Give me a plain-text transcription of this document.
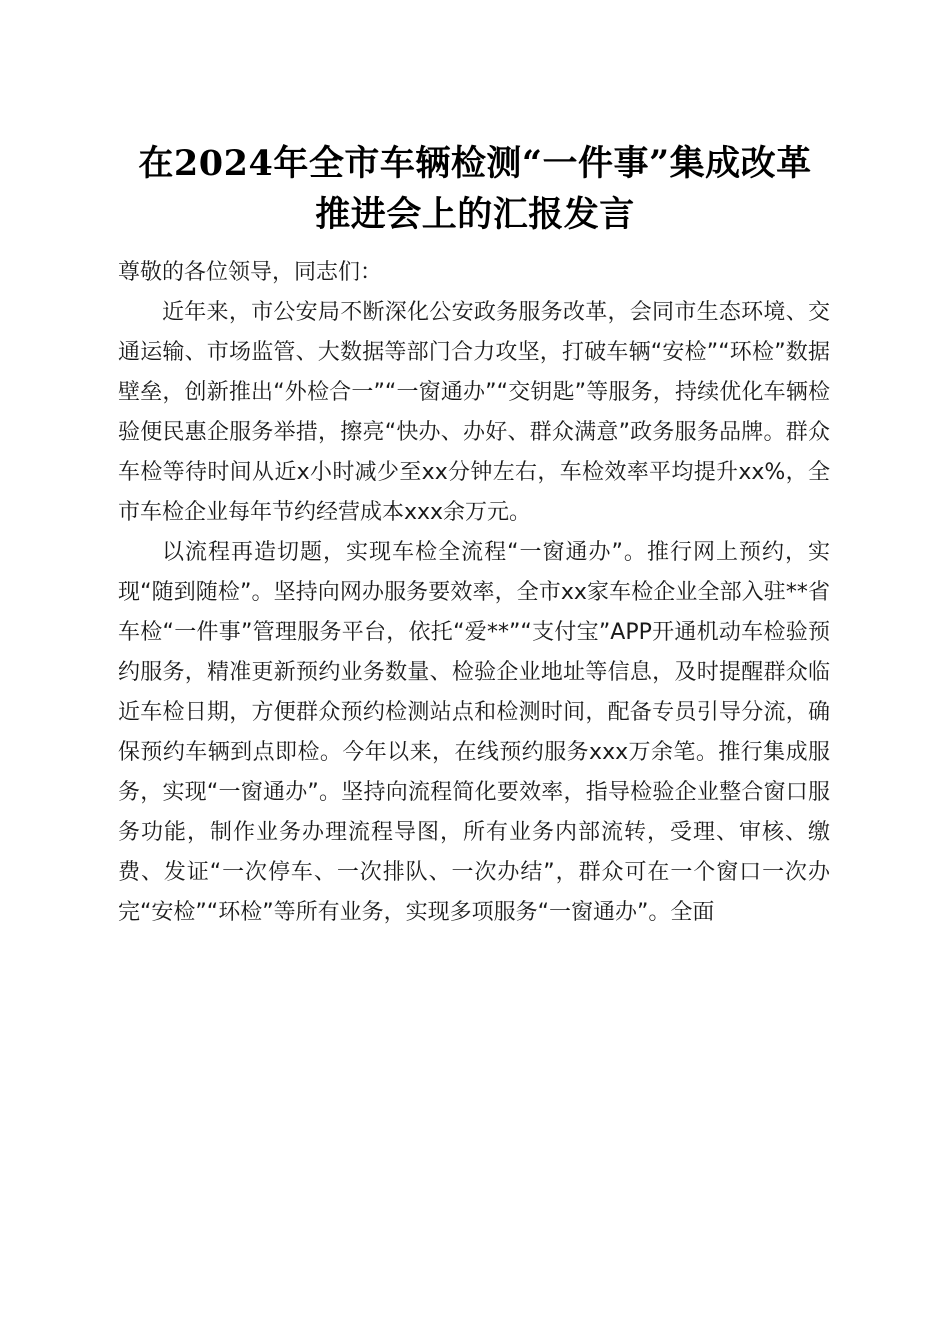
在2024年全市车辆检测“一件事”集成改革
推进会上的汇报发言

尊敬的各位领导，同志们：

近年来，市公安局不断深化公安政务服务改革，会同市生态环境、交通运输、市场监管、大数据等部门合力攻坚，打破车辆“安检”“环检”数据壁垒，创新推出“外检合一”“一窗通办”“交钥匙”等服务，持续优化车辆检验便民惠企服务举措，擦亮“快办、办好、群众满意”政务服务品牌。群众车检等待时间从近x小时减少至xx分钟左右，车检效率平均提升xx%，全市车检企业每年节约经营成本xxx余万元。

以流程再造切题，实现车检全流程“一窗通办”。推行网上预约，实现“随到随检”。坚持向网办服务要效率，全市xx家车检企业全部入驻**省车检“一件事”管理服务平台，依托“爱**”“支付宝”APP开通机动车检验预约服务，精准更新预约业务数量、检验企业地址等信息，及时提醒群众临近车检日期，方便群众预约检测站点和检测时间，配备专员引导分流，确保预约车辆到点即检。今年以来，在线预约服务xxx万余笔。推行集成服务，实现“一窗通办”。坚持向流程简化要效率，指导检验企业整合窗口服务功能，制作业务办理流程导图，所有业务内部流转，受理、审核、缴费、发证“一次停车、一次排队、一次办结”，群众可在一个窗口一次办完“安检”“环检”等所有业务，实现多项服务“一窗通办”。全面
